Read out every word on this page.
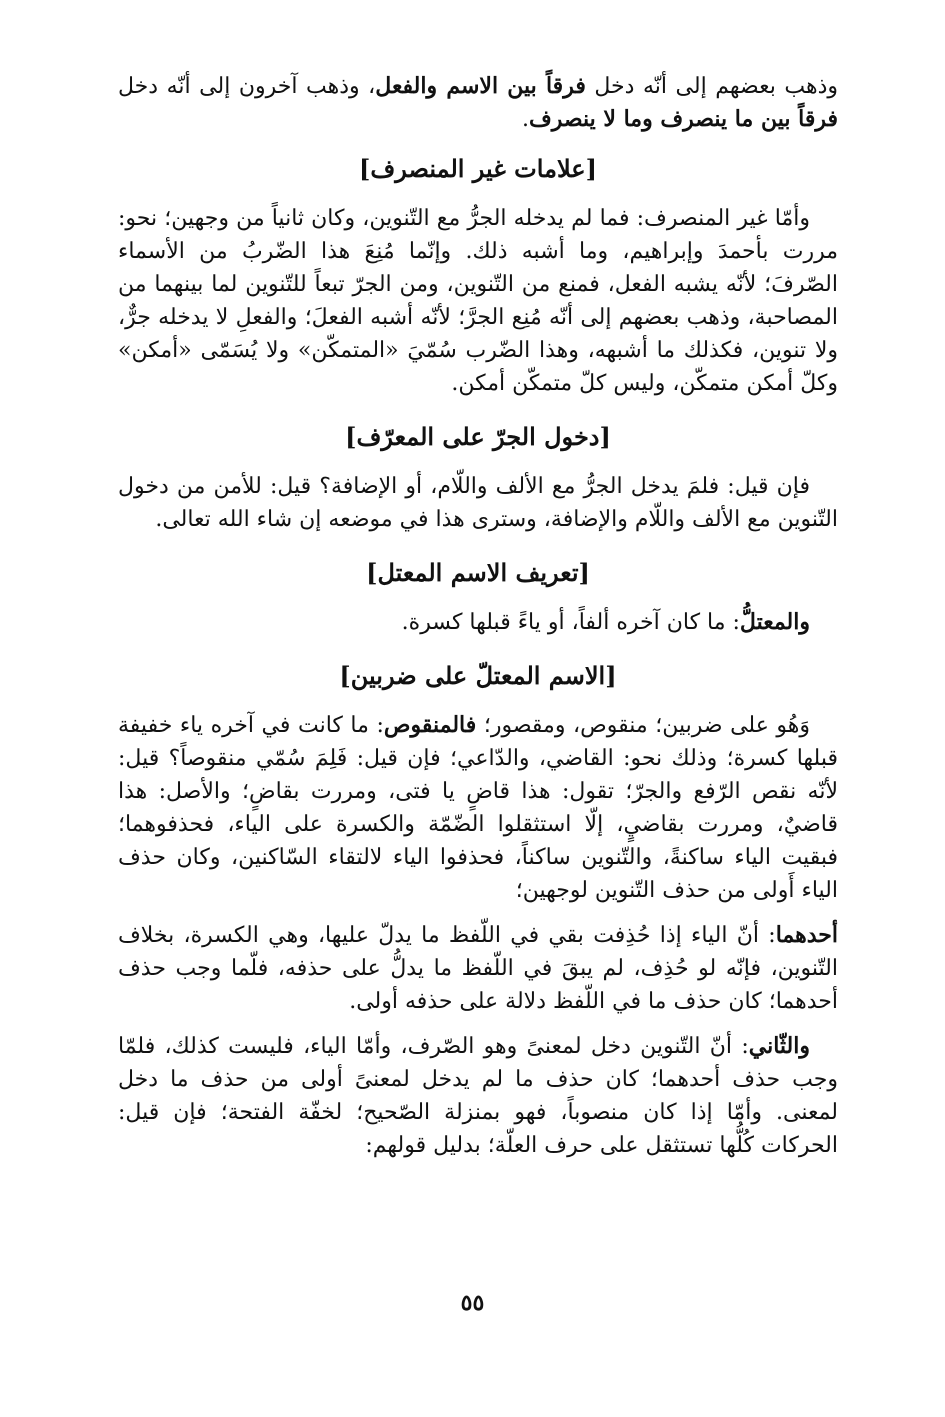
وذهب بعضهم إلى أنّه دخل فرقاً بين الاسم والفعل، وذهب آخرون إلى أنّه دخل فرقاً بين ما ينصرف وما لا ينصرف.

[علامات غير المنصرف]

وأمّا غير المنصرف: فما لم يدخله الجرُّ مع التّنوين، وكان ثانياً من وجهين؛ نحو: مررت بأحمدَ وإبراهيم، وما أشبه ذلك. وإنّما مُنِعَ هذا الضّربُ من الأسماء الصّرفَ؛ لأنّه يشبه الفعل، فمنع من التّنوين، ومن الجرّ تبعاً للتّنوين لما بينهما من المصاحبة، وذهب بعضهم إلى أنّه مُنِع الجرَّ؛ لأنّه أشبه الفعلَ؛ والفعلِ لا يدخله جرٌّ، ولا تنوين، فكذلك ما أشبهه، وهذا الضّرب سُمّيَ «المتمكّن» ولا يُسَمّى «أمكن» وكلّ أمكن متمكّن، وليس كلّ متمكّن أمكن.

[دخول الجرّ على المعرّف]

فإن قيل: فلمَ يدخل الجرُّ مع الألف واللّام، أو الإضافة؟ قيل: للأمن من دخول التّنوين مع الألف واللّام والإضافة، وسترى هذا في موضعه إن شاء الله تعالى.

[تعريف الاسم المعتل]

والمعتلُّ: ما كان آخره ألفاً، أو ياءً قبلها كسرة.

[الاسم المعتلّ على ضربين]

وَهُو على ضربين؛ منقوص، ومقصور؛ فالمنقوص: ما كانت في آخره ياء خفيفة قبلها كسرة؛ وذلك نحو: القاضي، والدّاعي؛ فإن قيل: فَلِمَ سُمّي منقوصاً؟ قيل: لأنّه نقص الرّفع والجرّ؛ تقول: هذا قاضٍ يا فتى، ومررت بقاضٍ؛ والأصل: هذا قاضيٌ، ومررت بقاضيٍ، إلّا استثقلوا الضّمّة والكسرة على الياء، فحذفوهما؛ فبقيت الياء ساكنةً، والتّنوين ساكناً، فحذفوا الياء لالتقاء السّاكنين، وكان حذف الياء أَولى من حذف التّنوين لوجهين؛

أحدهما: أنّ الياء إذا حُذِفت بقي في اللّفظ ما يدلّ عليها، وهي الكسرة، بخلاف التّنوين، فإنّه لو حُذِف، لم يبقَ في اللّفظ ما يدلُّ على حذفه، فلّما وجب حذف أحدهما؛ كان حذف ما في اللّفظ دلالة على حذفه أولى.

والثّاني: أنّ التّنوين دخل لمعنىً وهو الصّرف، وأمّا الياء، فليست كذلك، فلمّا وجب حذف أحدهما؛ كان حذف ما لم يدخل لمعنىً أولى من حذف ما دخل لمعنى. وأمّا إذا كان منصوباً، فهو بمنزلة الصّحيح؛ لخفّة الفتحة؛ فإن قيل: الحركات كُلُّها تستثقل على حرف العلّة؛ بدليل قولهم:

٥٥
